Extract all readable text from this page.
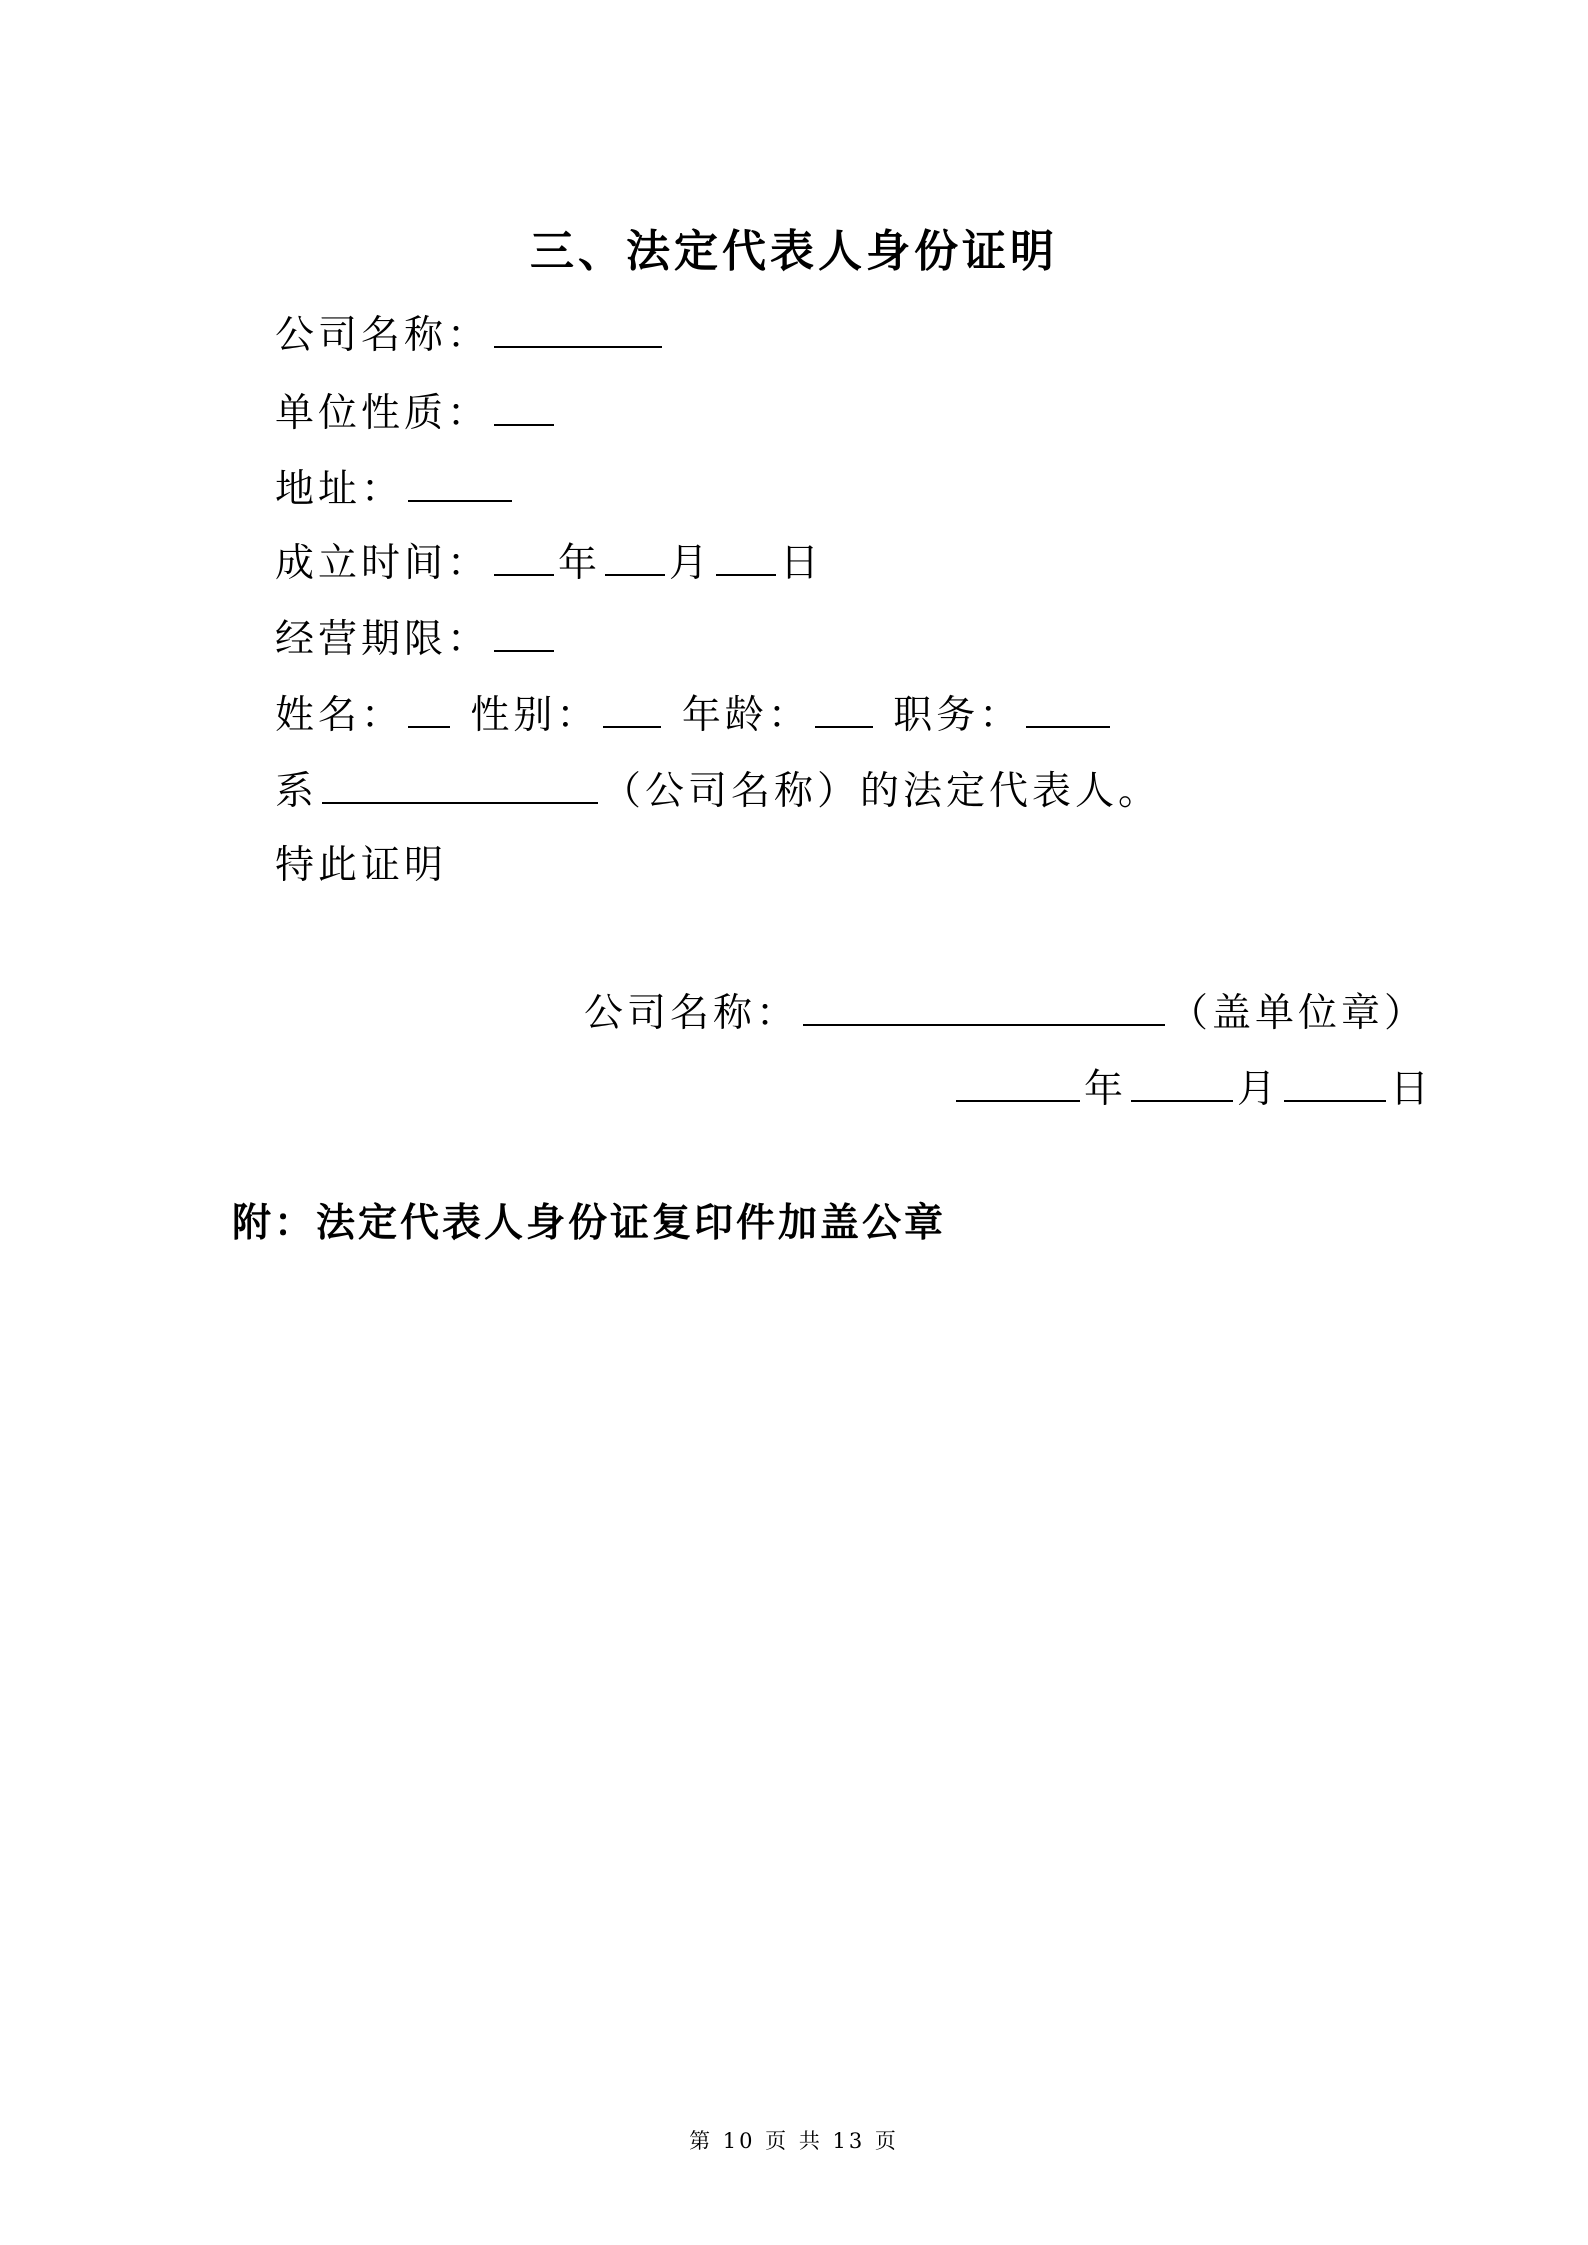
三、法定代表人身份证明
公司名称：
单位性质：
地址：
成立时间： 年 月 日
经营期限：
姓名： 性别： 年龄： 职务：
系	（公司名称）的法定代表人。
特此证明
公司名称：	（盖单位章）
年	月	日
附：法定代表人身份证复印件加盖公章
第 10 页 共 13 页
